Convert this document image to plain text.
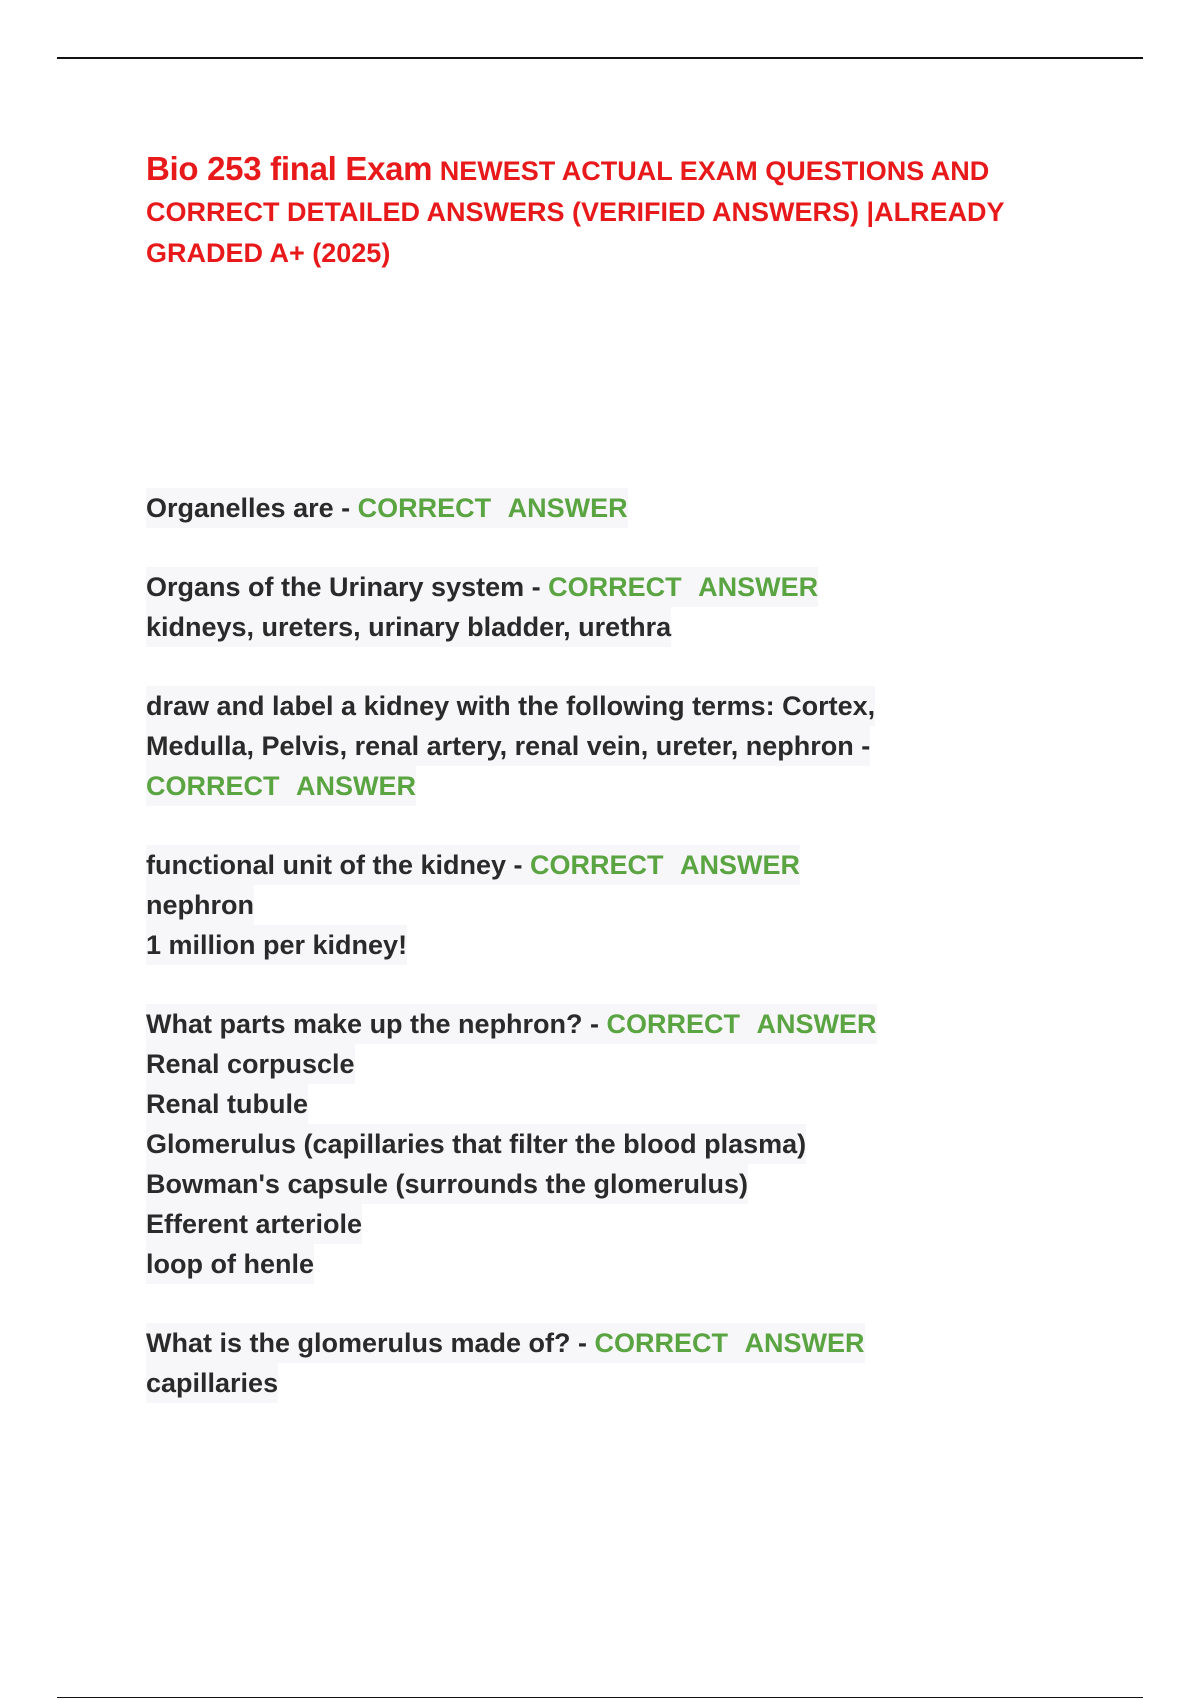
Bio 253 final Exam NEWEST ACTUAL EXAM QUESTIONS AND CORRECT DETAILED ANSWERS (VERIFIED ANSWERS) |ALREADY GRADED A+ (2025)
Organelles are - CORRECT ANSWER
Organs of the Urinary system - CORRECT ANSWER
kidneys, ureters, urinary bladder, urethra
draw and label a kidney with the following terms: Cortex,
Medulla, Pelvis, renal artery, renal vein, ureter, nephron -
CORRECT ANSWER
functional unit of the kidney - CORRECT ANSWER
nephron
1 million per kidney!
What parts make up the nephron? - CORRECT ANSWER
Renal corpuscle
Renal tubule
Glomerulus (capillaries that filter the blood plasma)
Bowman's capsule (surrounds the glomerulus)
Efferent arteriole
loop of henle
What is the glomerulus made of? - CORRECT ANSWER
capillaries
